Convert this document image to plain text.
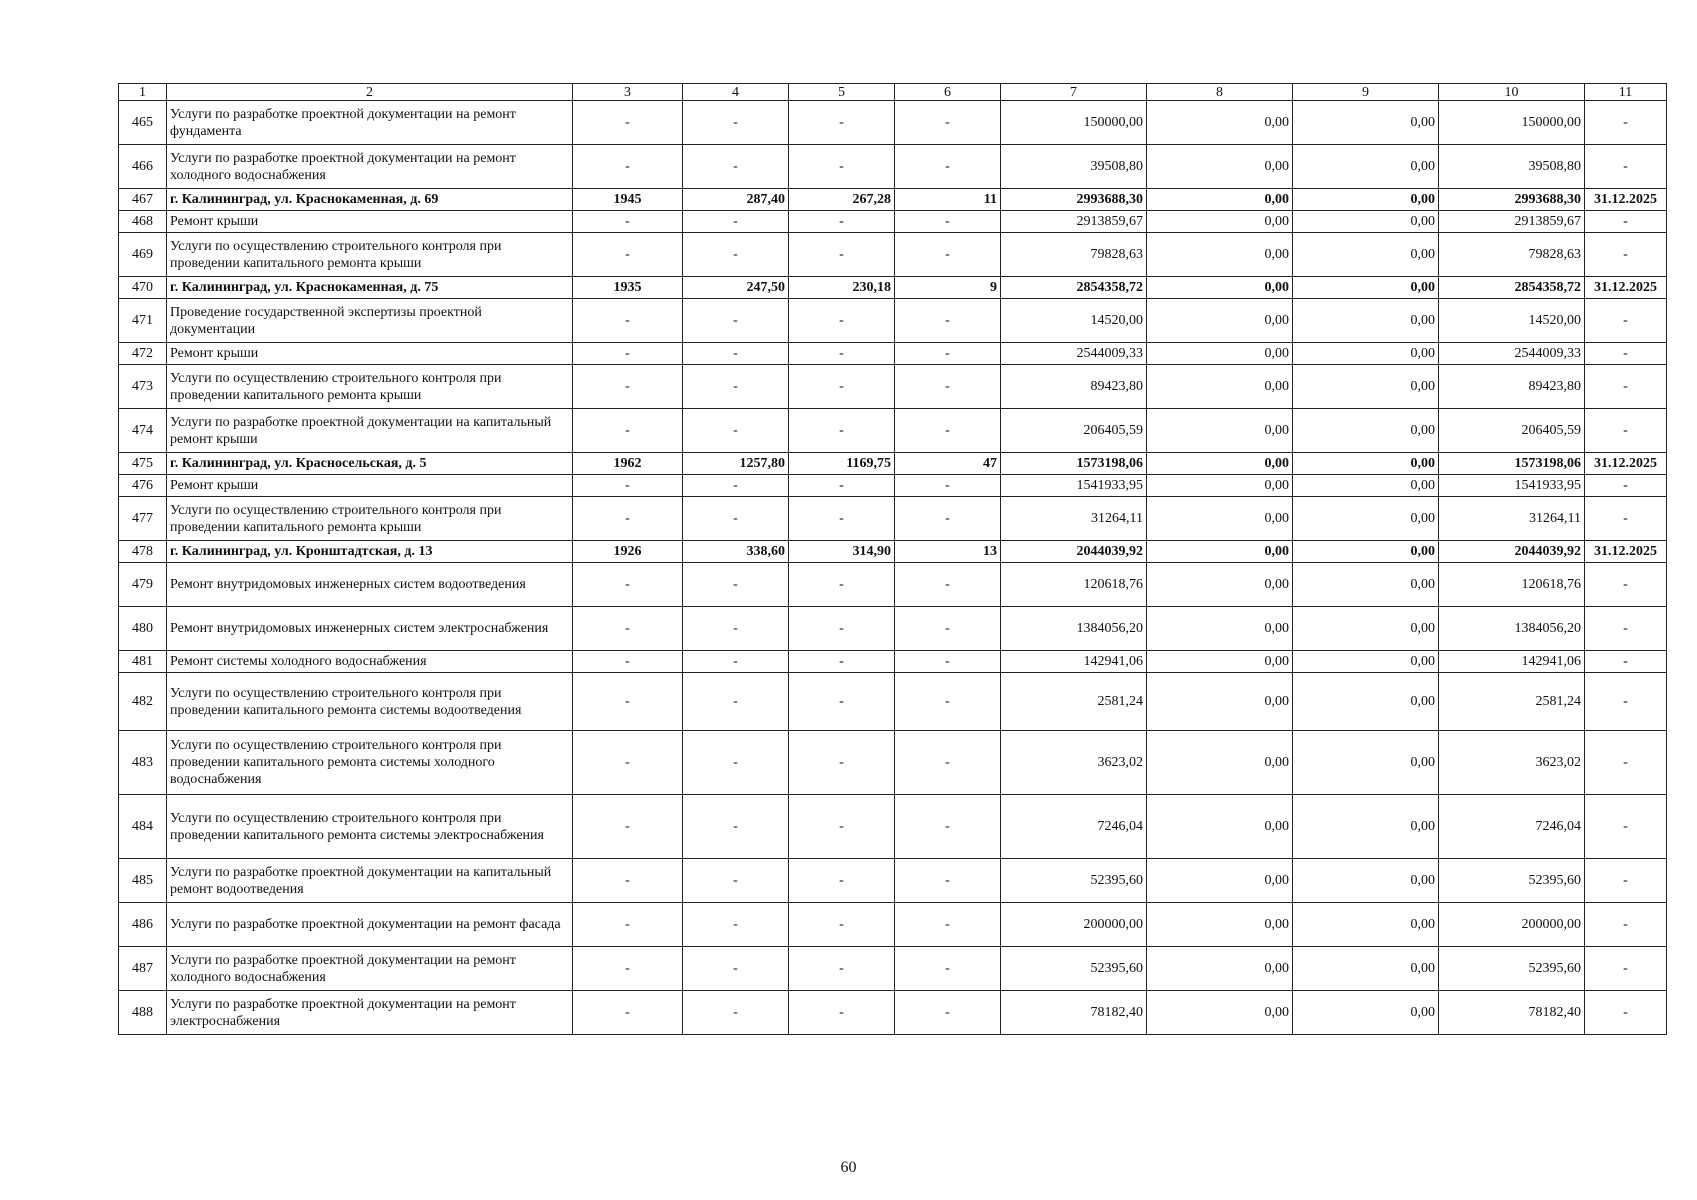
1	2	3	4	5	6	7	8	9	10	11
465	Услуги по разработке проектной документации на ремонт фундамента	-	-	-	-	150000,00	0,00	0,00	150000,00	-
466	Услуги по разработке проектной документации на ремонт холодного водоснабжения	-	-	-	-	39508,80	0,00	0,00	39508,80	-
467	г. Калининград, ул. Краснокаменная, д. 69	1945	287,40	267,28	11	2993688,30	0,00	0,00	2993688,30	31.12.2025
468	Ремонт крыши	-	-	-	-	2913859,67	0,00	0,00	2913859,67	-
469	Услуги по осуществлению строительного контроля при проведении капитального ремонта крыши	-	-	-	-	79828,63	0,00	0,00	79828,63	-
470	г. Калининград, ул. Краснокаменная, д. 75	1935	247,50	230,18	9	2854358,72	0,00	0,00	2854358,72	31.12.2025
471	Проведение государственной экспертизы проектной документации	-	-	-	-	14520,00	0,00	0,00	14520,00	-
472	Ремонт крыши	-	-	-	-	2544009,33	0,00	0,00	2544009,33	-
473	Услуги по осуществлению строительного контроля при проведении капитального ремонта крыши	-	-	-	-	89423,80	0,00	0,00	89423,80	-
474	Услуги по разработке проектной документации на капитальный ремонт крыши	-	-	-	-	206405,59	0,00	0,00	206405,59	-
475	г. Калининград, ул. Красносельская, д. 5	1962	1257,80	1169,75	47	1573198,06	0,00	0,00	1573198,06	31.12.2025
476	Ремонт крыши	-	-	-	-	1541933,95	0,00	0,00	1541933,95	-
477	Услуги по осуществлению строительного контроля при проведении капитального ремонта крыши	-	-	-	-	31264,11	0,00	0,00	31264,11	-
478	г. Калининград, ул. Кронштадтская, д. 13	1926	338,60	314,90	13	2044039,92	0,00	0,00	2044039,92	31.12.2025
479	Ремонт внутридомовых инженерных систем водоотведения	-	-	-	-	120618,76	0,00	0,00	120618,76	-
480	Ремонт внутридомовых инженерных систем электроснабжения	-	-	-	-	1384056,20	0,00	0,00	1384056,20	-
481	Ремонт системы холодного водоснабжения	-	-	-	-	142941,06	0,00	0,00	142941,06	-
482	Услуги по осуществлению строительного контроля при проведении капитального ремонта системы водоотведения	-	-	-	-	2581,24	0,00	0,00	2581,24	-
483	Услуги по осуществлению строительного контроля при проведении капитального ремонта системы холодного водоснабжения	-	-	-	-	3623,02	0,00	0,00	3623,02	-
484	Услуги по осуществлению строительного контроля при проведении капитального ремонта системы электроснабжения	-	-	-	-	7246,04	0,00	0,00	7246,04	-
485	Услуги по разработке проектной документации на капитальный ремонт водоотведения	-	-	-	-	52395,60	0,00	0,00	52395,60	-
486	Услуги по разработке проектной документации на ремонт фасада	-	-	-	-	200000,00	0,00	0,00	200000,00	-
487	Услуги по разработке проектной документации на ремонт холодного водоснабжения	-	-	-	-	52395,60	0,00	0,00	52395,60	-
488	Услуги по разработке проектной документации на ремонт электроснабжения	-	-	-	-	78182,40	0,00	0,00	78182,40	-
60
